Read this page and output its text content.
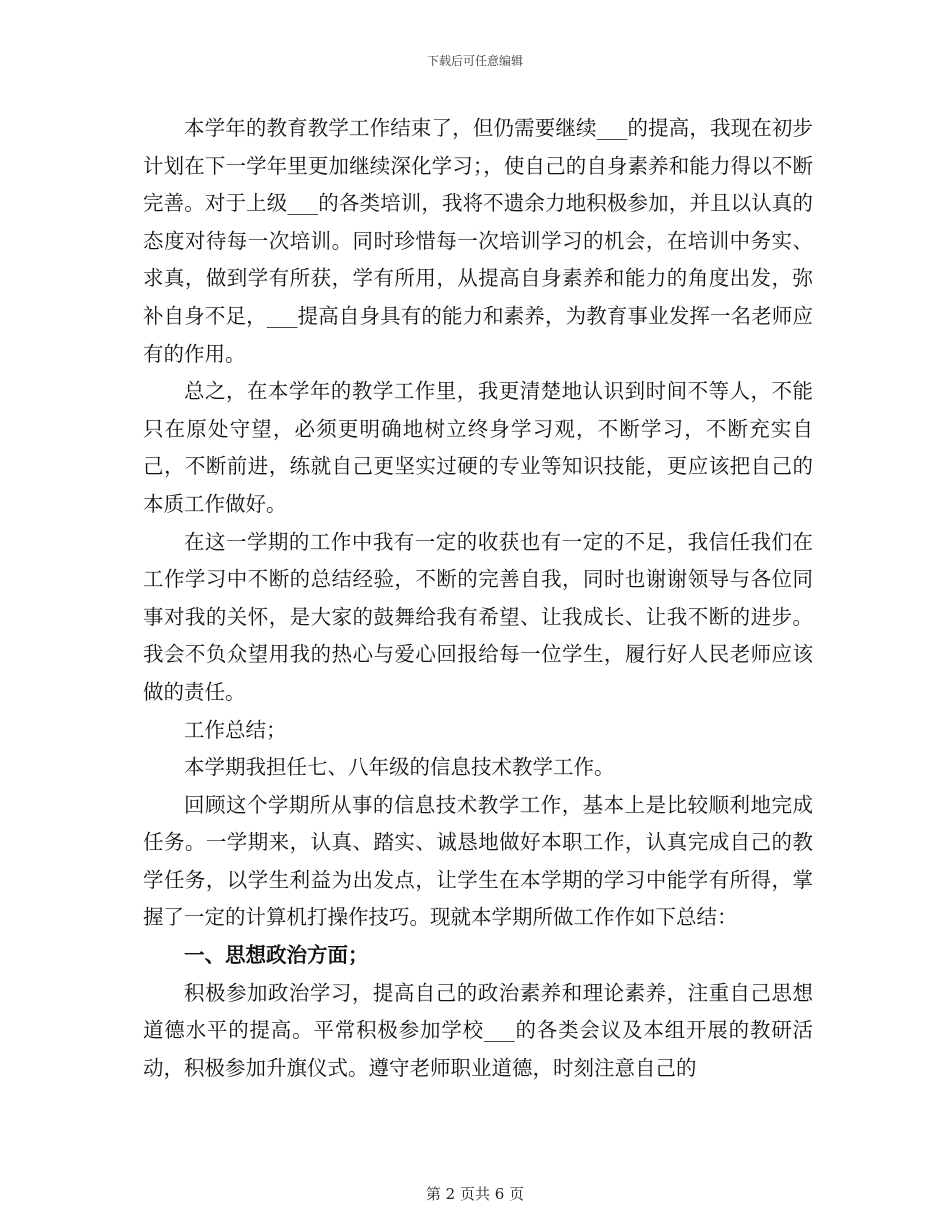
下载后可任意编辑

本学年的教育教学工作结束了，但仍需要继续___的提高，我现在初步计划在下一学年里更加继续深化学习；，使自己的自身素养和能力得以不断完善。对于上级___的各类培训，我将不遗余力地积极参加，并且以认真的态度对待每一次培训。同时珍惜每一次培训学习的机会，在培训中务实、求真，做到学有所获，学有所用，从提高自身素养和能力的角度出发，弥补自身不足，___提高自身具有的能力和素养，为教育事业发挥一名老师应有的作用。

总之，在本学年的教学工作里，我更清楚地认识到时间不等人，不能只在原处守望，必须更明确地树立终身学习观，不断学习，不断充实自己，不断前进，练就自己更坚实过硬的专业等知识技能，更应该把自己的本质工作做好。

在这一学期的工作中我有一定的收获也有一定的不足，我信任我们在工作学习中不断的总结经验，不断的完善自我，同时也谢谢领导与各位同事对我的关怀，是大家的鼓舞给我有希望、让我成长、让我不断的进步。我会不负众望用我的热心与爱心回报给每一位学生，履行好人民老师应该做的责任。

工作总结；

本学期我担任七、八年级的信息技术教学工作。

回顾这个学期所从事的信息技术教学工作，基本上是比较顺利地完成任务。一学期来，认真、踏实、诚恳地做好本职工作，认真完成自己的教学任务，以学生利益为出发点，让学生在本学期的学习中能学有所得，掌握了一定的计算机打操作技巧。现就本学期所做工作作如下总结：

一、思想政治方面；

积极参加政治学习，提高自己的政治素养和理论素养，注重自己思想道德水平的提高。平常积极参加学校___的各类会议及本组开展的教研活动，积极参加升旗仪式。遵守老师职业道德，时刻注意自己的

第 2 页共 6 页
